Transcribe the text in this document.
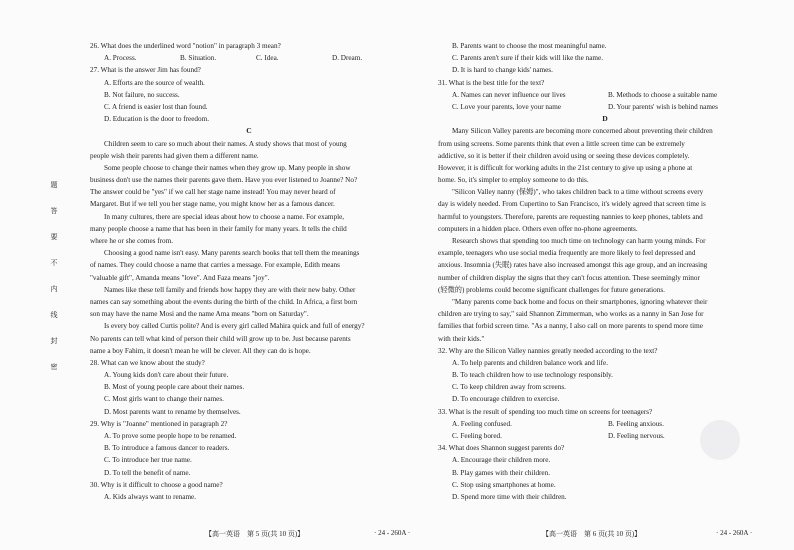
题
答
要
不
内
线
封
密
26. What does the underlined word "notion" in paragraph 3 mean?
A. Process.	B. Situation.	C. Idea.	D. Dream.
27. What is the answer Jim has found?
A. Efforts are the source of wealth.
B. Not failure, no success.
C. A friend is easier lost than found.
D. Education is the door to freedom.
C
Children seem to care so much about their names. A study shows that most of young
people wish their parents had given them a different name.
Some people choose to change their names when they grow up. Many people in show
business don't use the names their parents gave them. Have you ever listened to Joanne? No?
The answer could be "yes" if we call her stage name instead! You may never heard of
Margaret. But if we tell you her stage name, you might know her as a famous dancer.
In many cultures, there are special ideas about how to choose a name. For example,
many people choose a name that has been in their family for many years. It tells the child
where he or she comes from.
Choosing a good name isn't easy. Many parents search books that tell them the meanings
of names. They could choose a name that carries a message. For example, Edith means
"valuable gift", Amanda means "love". And Faza means "joy".
Names like these tell family and friends how happy they are with their new baby. Other
names can say something about the events during the birth of the child. In Africa, a first born
son may have the name Mosi and the name Ama means "born on Saturday".
Is every boy called Curtis polite? And is every girl called Mahira quick and full of energy?
No parents can tell what kind of person their child will grow up to be. Just because parents
name a boy Fahim, it doesn't mean he will be clever. All they can do is hope.
28. What can we know about the study?
A. Young kids don't care about their future.
B. Most of young people care about their names.
C. Most girls want to change their names.
D. Most parents want to rename by themselves.
29. Why is "Joanne" mentioned in paragraph 2?
A. To prove some people hope to be renamed.
B. To introduce a famous dancer to readers.
C. To introduce her true name.
D. To tell the benefit of name.
30. Why is it difficult to choose a good name?
A. Kids always want to rename.
【高一英语　第 5 页(共 10 页)】	· 24 - 260A ·
B. Parents want to choose the most meaningful name.
C. Parents aren't sure if their kids will like the name.
D. It is hard to change kids' names.
31. What is the best title for the text?
A. Names can never influence our lives	B. Methods to choose a suitable name
C. Love your parents, love your name	D. Your parents' wish is behind names
D
Many Silicon Valley parents are becoming more concerned about preventing their children
from using screens. Some parents think that even a little screen time can be extremely
addictive, so it is better if their children avoid using or seeing these devices completely.
However, it is difficult for working adults in the 21st century to give up using a phone at
home. So, it's simpler to employ someone to do this.
"Silicon Valley nanny (保姆)", who takes children back to a time without screens every
day is widely needed. From Cupertino to San Francisco, it's widely agreed that screen time is
harmful to youngsters. Therefore, parents are requesting nannies to keep phones, tablets and
computers in a hidden place. Others even offer no-phone agreements.
Research shows that spending too much time on technology can harm young minds. For
example, teenagers who use social media frequently are more likely to feel depressed and
anxious. Insomnia (失眠) rates have also increased amongst this age group, and an increasing
number of children display the signs that they can't focus attention. These seemingly minor
(轻微的) problems could become significant challenges for future generations.
"Many parents come back home and focus on their smartphones, ignoring whatever their
children are trying to say," said Shannon Zimmerman, who works as a nanny in San Jose for
families that forbid screen time. "As a nanny, I also call on more parents to spend more time
with their kids."
32. Why are the Silicon Valley nannies greatly needed according to the text?
A. To help parents and children balance work and life.
B. To teach children how to use technology responsibly.
C. To keep children away from screens.
D. To encourage children to exercise.
33. What is the result of spending too much time on screens for teenagers?
A. Feeling confused.	B. Feeling anxious.
C. Feeling bored.	D. Feeling nervous.
34. What does Shannon suggest parents do?
A. Encourage their children more.
B. Play games with their children.
C. Stop using smartphones at home.
D. Spend more time with their children.
【高一英语　第 6 页(共 10 页)】	· 24 - 260A ·
